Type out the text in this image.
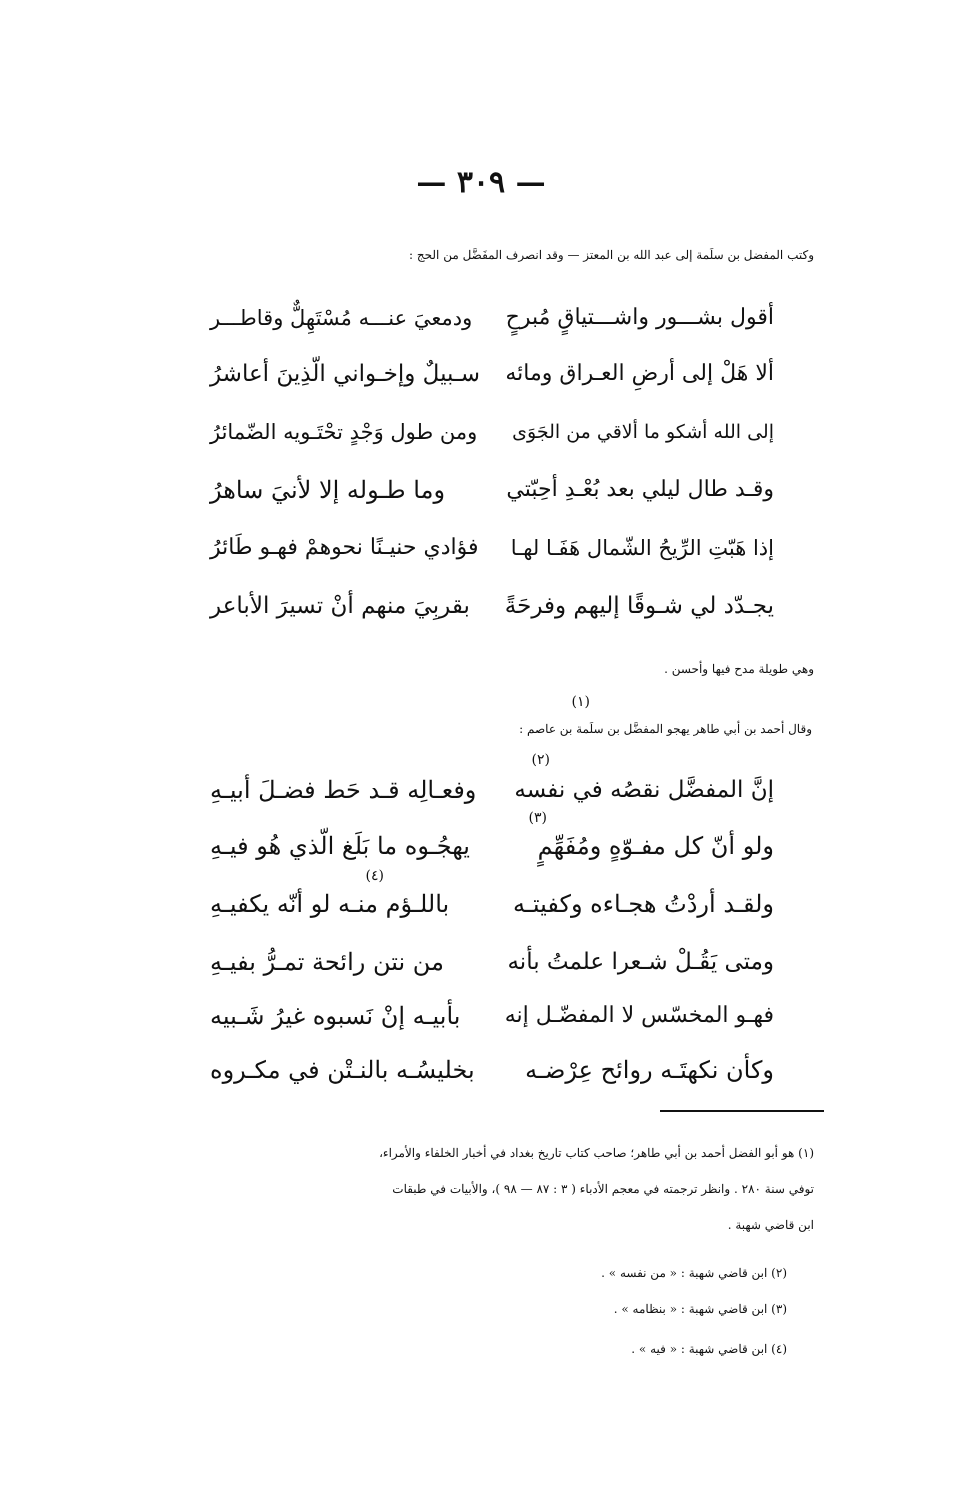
— ٣٠٩ —
وكتب المفضل بن سلَمة إلى عبد الله بن المعتز — وقد انصرف المفَضَّل من الحج :
أقول بشـــور واشـــتياقٍ مُبرحٍ
ودمعيَ عنـــه مُسْتَهِلٌّ وقاطـــر
ألا هَلْ إلى أرضِ العـراق ومائه
سـبيلٌ وإخـواني الّذِينَ أعاشرُ
إلى الله أشكو ما ألاقي من الجَوَى
ومن طول وَجْدٍ تحْتَـويه الضّمائرُ
وقـد طال ليلي بعد بُعْـدِ أحِبّتي
وما طـوله إلا لأنيَ ساهرُ
إذا هَبّتِ الرِّيحُ الشّمال هَفَـا لهـا
فؤادي حنيـنًا نحوهمْ فهـو طَائرُ
يجـدّد لي شـوقًا إليهم وفرحَةً
بقربِيَ منهم أنْ تسيرَ الأباعر
وهي طويلة مدح فيها وأحسن .
(١)
وقال أحمد بن أبي طاهر يهجو المفضَّل بن سلَمة بن عاصم :
(٢)
إنَّ المفضَّل نقصُه في نفسه
وفعـالِه قـد حَط فضـلَ أبيـهِ
(٣)
ولو أنّ كل مفـوّهٍ ومُفَهِّمٍ
يهجُـوه ما بَلَغ الّذي هُو فيـهِ
(٤)
ولقـد أردْتُ هجـاءه وكفيتـه
باللـؤم منـه لو أنّه يكفيـهِ
ومتى يَقُـلْ شـعرا علمتُ بأنه
من نتن رائحة تمـرُّ بفيـهِ
فهـو المخسّس لا المفضّـل إنه
بأبيـه إنْ نَسبوه غيرُ شَـبيه
وكأن نكهتَـه روائح عِرْضـه
بخليسُـه بالنـتْن في مكـروه
(١) هو أبو الفضل أحمد بن أبي طاهر؛ صاحب كتاب تاريخ بغداد في أخبار الخلفاء والأمراء،
توفي سنة ٢٨٠ . وانظر ترجمته في معجم الأدباء ( ٣ : ٨٧ — ٩٨ )، والأبيات في طبقات
ابن قاضي شهبة .
(٢) ابن قاضي شهبة : « من نفسه » .
(٣) ابن قاضي شهبة : « بنظامه » .
(٤) ابن قاضي شهبة : « فيه » .
